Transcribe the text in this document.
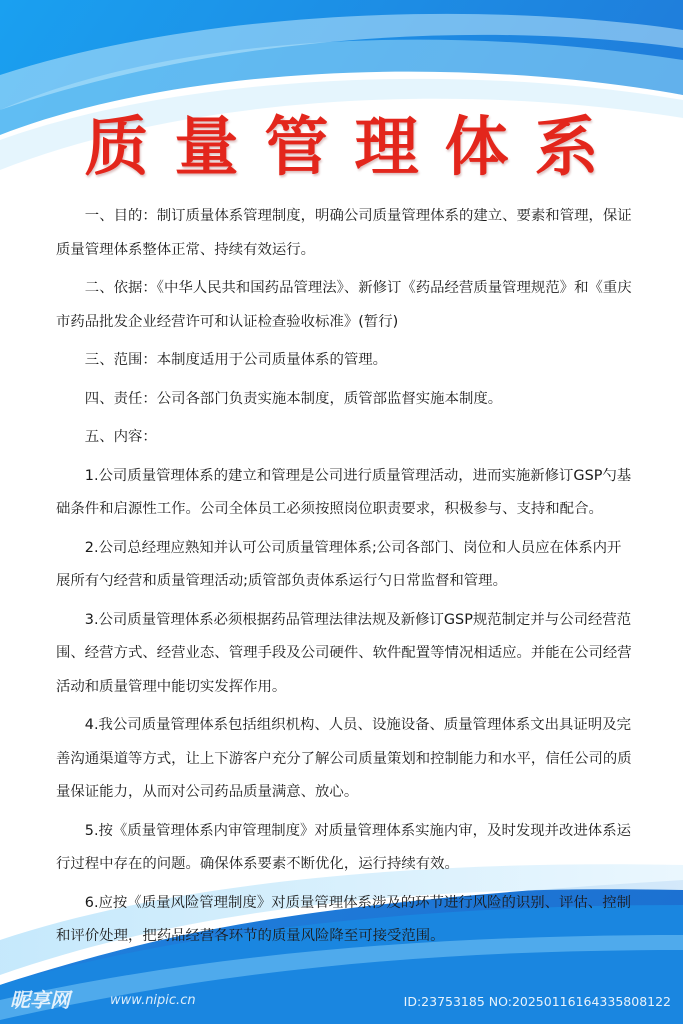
质量管理体系

一、目的：制订质量体系管理制度，明确公司质量管理体系的建立、要素和管理，保证质量管理体系整体正常、持续有效运行。

二、依据：《中华人民共和国药品管理法》、新修订《药品经营质量管理规范》和《重庆市药品批发企业经营许可和认证检查验收标准》(暂行)

三、范围：本制度适用于公司质量体系的管理。

四、责任：公司各部门负责实施本制度，质管部监督实施本制度。

五、内容：

1.公司质量管理体系的建立和管理是公司进行质量管理活动，进而实施新修订GSP勺基础条件和启源性工作。公司全体员工必须按照岗位职责要求，积极参与、支持和配合。

2.公司总经理应熟知并认可公司质量管理体系;公司各部门、岗位和人员应在体系内开展所有勺经营和质量管理活动;质管部负责体系运行勺日常监督和管理。

3.公司质量管理体系必须根据药品管理法律法规及新修订GSP规范制定并与公司经营范围、经营方式、经营业态、管理手段及公司硬件、软件配置等情况相适应。并能在公司经营活动和质量管理中能切实发挥作用。

4.我公司质量管理体系包括组织机构、人员、设施设备、质量管理体系文出具证明及完善沟通渠道等方式，让上下游客户充分了解公司质量策划和控制能力和水平，信任公司的质量保证能力，从而对公司药品质量满意、放心。

5.按《质量管理体系内审管理制度》对质量管理体系实施内审，及时发现并改进体系运行过程中存在的问题。确保体系要素不断优化，运行持续有效。

6.应按《质量风险管理制度》对质量管理体系涉及的环节进行风险的识别、评估、控制和评价处理，把药品经营各环节的质量风险降至可接受范围。

昵享网	www.nipic.cn	ID:23753185 NO:20250116164335808122
